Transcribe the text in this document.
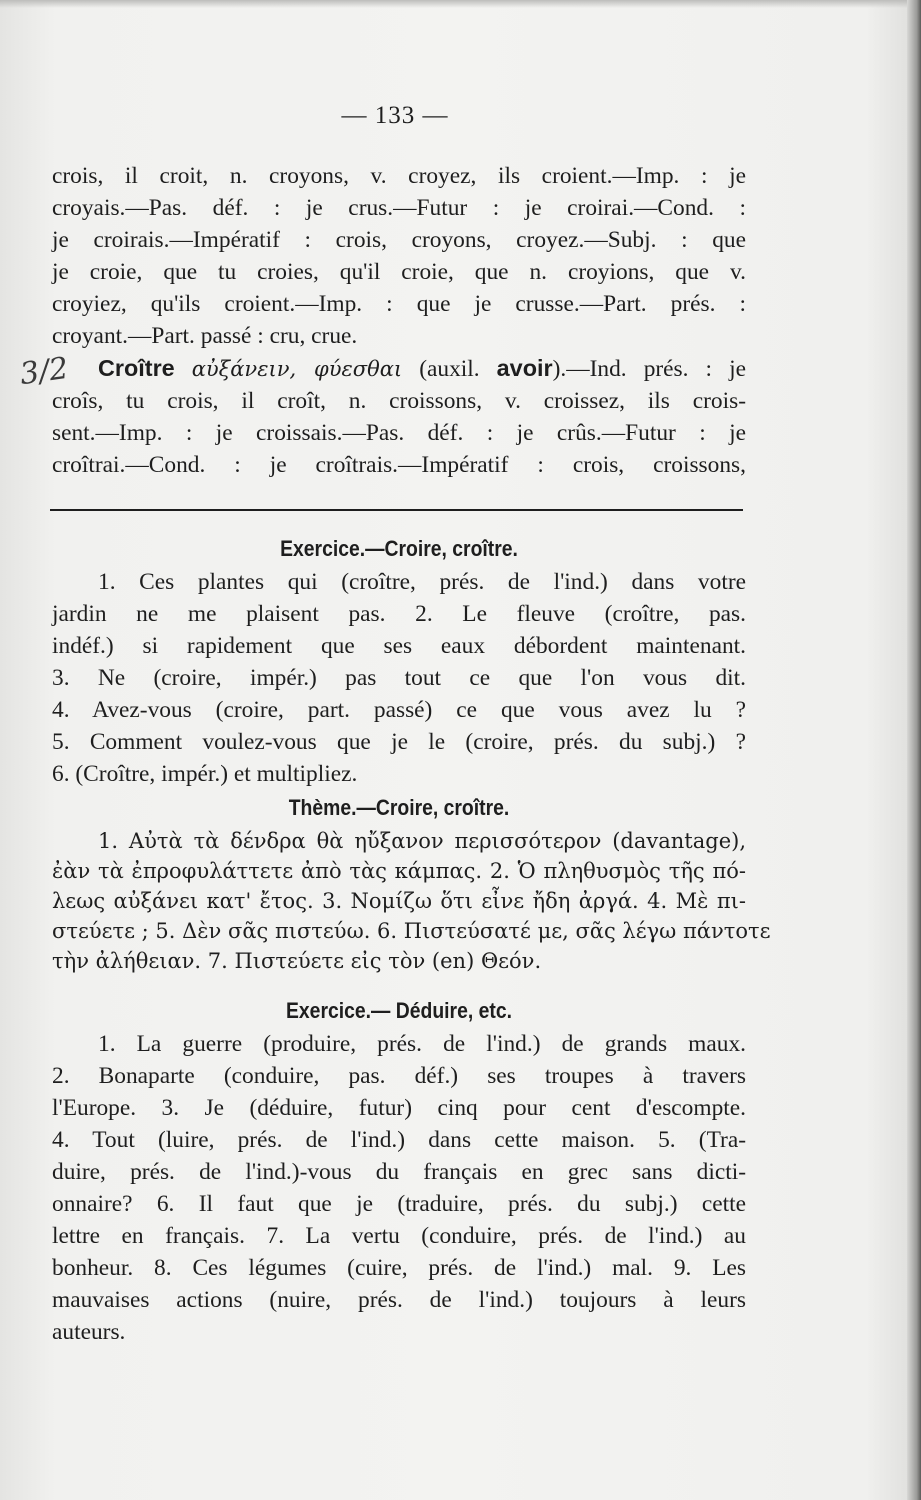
— 133 —
3/2
crois, il croit, n. croyons, v. croyez, ils croient.—Imp. : je
croyais.—Pas. déf. : je crus.—Futur : je croirai.—Cond. :
je croirais.—Impératif : crois, croyons, croyez.—Subj. : que
je croie, que tu croies, qu'il croie, que n. croyions, que v.
croyiez, qu'ils croient.—Imp. : que je crusse.—Part. prés. :
croyant.—Part. passé : cru, crue.
Croître αὐξάνειν, φύεσθαι (auxil. avoir).—Ind. prés. : je
croîs, tu crois, il croît, n. croissons, v. croissez, ils crois-
sent.—Imp. : je croissais.—Pas. déf. : je crûs.—Futur : je
croîtrai.—Cond. : je croîtrais.—Impératif : crois, croissons,
Exercice.—Croire, croître.
1. Ces plantes qui (croître, prés. de l'ind.) dans votre
jardin ne me plaisent pas. 2. Le fleuve (croître, pas.
indéf.) si rapidement que ses eaux débordent maintenant.
3. Ne (croire, impér.) pas tout ce que l'on vous dit.
4. Avez-vous (croire, part. passé) ce que vous avez lu ?
5. Comment voulez-vous que je le (croire, prés. du subj.) ?
6. (Croître, impér.) et multipliez.
Thème.—Croire, croître.
1. Αὐτὰ τὰ δένδρα θὰ ηὔξανον περισσότερον (davantage),
ἐὰν τὰ ἐπροφυλάττετε ἀπὸ τὰς κάμπας. 2. Ὁ πληθυσμὸς τῆς πό-
λεως αὐξάνει κατ' ἔτος. 3. Νομίζω ὅτι εἶνε ἤδη ἀργά. 4. Μὲ πι-
στεύετε ; 5. Δὲν σᾶς πιστεύω. 6. Πιστεύσατέ με, σᾶς λέγω πάντοτε
τὴν ἀλήθειαν. 7. Πιστεύετε εἰς τὸν (en) Θεόν.
Exercice.— Déduire, etc.
1. La guerre (produire, prés. de l'ind.) de grands maux.
2. Bonaparte (conduire, pas. déf.) ses troupes à travers
l'Europe. 3. Je (déduire, futur) cinq pour cent d'escompte.
4. Tout (luire, prés. de l'ind.) dans cette maison. 5. (Tra-
duire, prés. de l'ind.)-vous du français en grec sans dicti-
onnaire? 6. Il faut que je (traduire, prés. du subj.) cette
lettre en français. 7. La vertu (conduire, prés. de l'ind.) au
bonheur. 8. Ces légumes (cuire, prés. de l'ind.) mal. 9. Les
mauvaises actions (nuire, prés. de l'ind.) toujours à leurs
auteurs.
